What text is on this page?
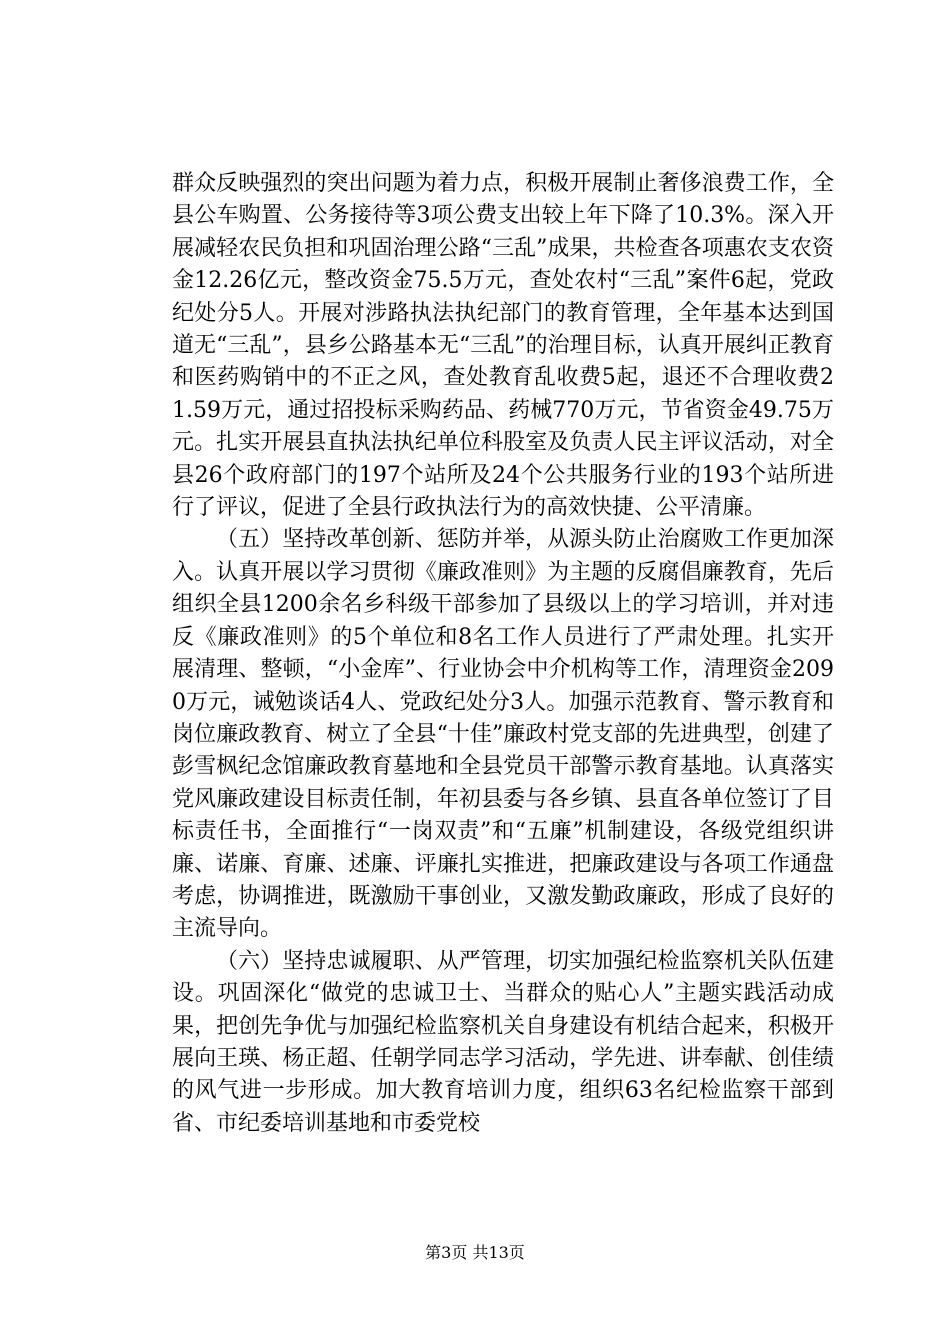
群众反映强烈的突出问题为着力点，积极开展制止奢侈浪费工作，全县公车购置、公务接待等3项公费支出较上年下降了10.3%。深入开展减轻农民负担和巩固治理公路“三乱”成果，共检查各项惠农支农资金12.26亿元，整改资金75.5万元，查处农村“三乱”案件6起，党政纪处分5人。开展对涉路执法执纪部门的教育管理，全年基本达到国道无“三乱”，县乡公路基本无“三乱”的治理目标，认真开展纠正教育和医药购销中的不正之风，查处教育乱收费5起，退还不合理收费21.59万元，通过招投标采购药品、药械770万元，节省资金49.75万元。扎实开展县直执法执纪单位科股室及负责人民主评议活动，对全县26个政府部门的197个站所及24个公共服务行业的193个站所进行了评议，促进了全县行政执法行为的高效快捷、公平清廉。

（五）坚持改革创新、惩防并举，从源头防止治腐败工作更加深入。认真开展以学习贯彻《廉政准则》为主题的反腐倡廉教育，先后组织全县1200余名乡科级干部参加了县级以上的学习培训，并对违反《廉政准则》的5个单位和8名工作人员进行了严肃处理。扎实开展清理、整顿，“小金库”、行业协会中介机构等工作，清理资金2090万元，诫勉谈话4人、党政纪处分3人。加强示范教育、警示教育和岗位廉政教育、树立了全县“十佳”廉政村党支部的先进典型，创建了彭雪枫纪念馆廉政教育墓地和全县党员干部警示教育基地。认真落实党风廉政建设目标责任制，年初县委与各乡镇、县直各单位签订了目标责任书，全面推行“一岗双责”和“五廉”机制建设，各级党组织讲廉、诺廉、育廉、述廉、评廉扎实推进，把廉政建设与各项工作通盘考虑，协调推进，既激励干事创业，又激发勤政廉政，形成了良好的主流导向。

（六）坚持忠诚履职、从严管理，切实加强纪检监察机关队伍建设。巩固深化“做党的忠诚卫士、当群众的贴心人”主题实践活动成果，把创先争优与加强纪检监察机关自身建设有机结合起来，积极开展向王瑛、杨正超、任朝学同志学习活动，学先进、讲奉献、创佳绩的风气进一步形成。加大教育培训力度，组织63名纪检监察干部到省、市纪委培训基地和市委党校

第3页 共13页
